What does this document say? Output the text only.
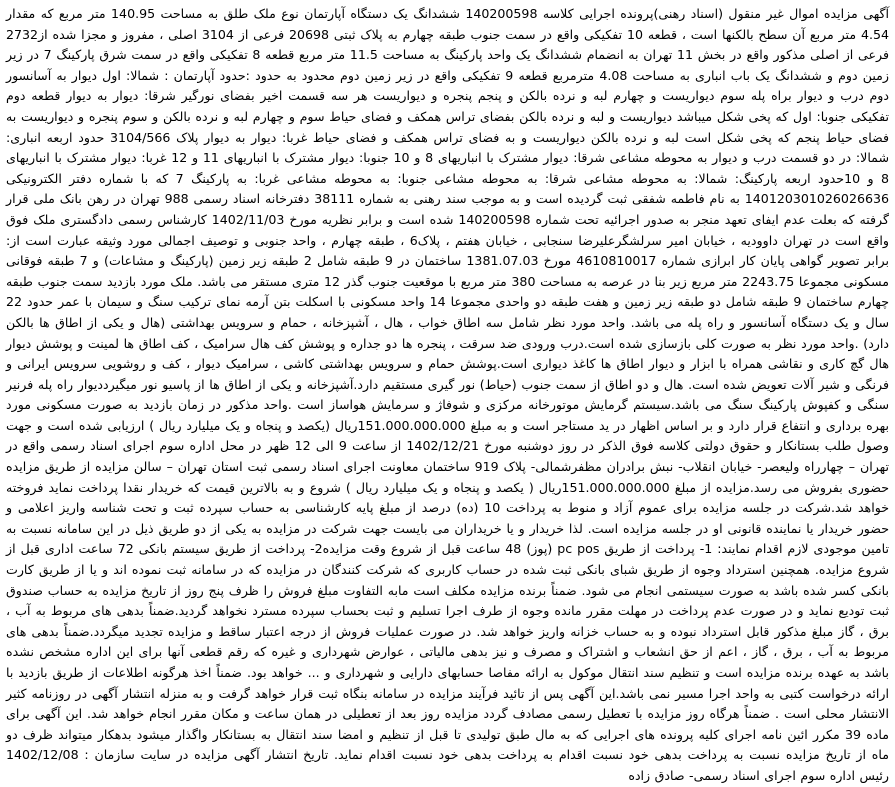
آگهی مزایده اموال غیر منقول (اسناد رهنی)پرونده اجرایی کلاسه 140200598 ششدانگ یک دستگاه آپارتمان نوع ملک طلق به مساحت 140.95 متر مربع که مقدار 4.54 متر مربع آن سطح بالکنها است ، قطعه 10 تفکیکی واقع در سمت جنوب طبقه چهارم به پلاک ثبتی 20698 فرعی از 3104 اصلی ، مفروز و مجزا شده از2732 فرعی از اصلی مذکور واقع در بخش 11 تهران به انضمام ششدانگ یک واحد پارکینگ به مساحت 11.5 متر مربع قطعه 8 تفکیکی واقع در سمت شرق پارکینگ 7 در زیر زمین دوم و ششدانگ یک باب انباری به مساحت 4.08 مترمربع قطعه 9 تفکیکی واقع در زیر زمین دوم محدود به حدود :حدود آپارتمان : شمالا: اول دیوار به آسانسور دوم درب و دیوار براه پله سوم دیواریست و چهارم لبه و نرده بالکن و پنجم پنجره و دیواریست هر سه قسمت اخیر بفضای نورگیر شرقا: دیوار به دیوار قطعه دوم تفکیکی جنوبا: اول که پخی شکل میباشد دیواریست و لبه و نرده بالکن بفضای تراس همکف و فضای حیاط سوم و چهارم لبه و نرده بالکن و سوم پنجره و دیواریست به فضای حیاط پنجم که پخی شکل است لبه و نرده بالکن دیواریست و به فضای تراس همکف و فضای حیاط غربا: دیوار به دیوار پلاک 3104/566 حدود اربعه انباری: شمالا: در دو قسمت درب و دیوار به محوطه مشاعی شرقا: دیوار مشترک با انباریهای 8 و 10 جنوبا: دیوار مشترک با انباریهای 11 و 12 غربا: دیوار مشترک با انباریهای 8 و 10حدود اربعه پارکینگ: شمالا: به محوطه مشاعی شرقا: به محوطه مشاعی جنوبا: به محوطه مشاعی غربا: به پارکینگ 7 که با شماره دفتر الکترونیکی 140120301026026636 به نام فاطمه شفقی ثبت گردیده است و به موجب سند رهنی به شماره 38111 دفترخانه اسناد رسمی 988 تهران در رهن بانک ملی قرار گرفته که بعلت عدم ایفای تعهد منجر به صدور اجرائیه تحت شماره 140200598 شده است و برابر نظریه مورخ 1402/11/03 کارشناس رسمی دادگستری ملک فوق واقع است در تهران داوودیه ، خیابان امیر سرلشگرعلیرضا سنجابی ، خیابان هفتم ، پلاک6 ، طبقه چهارم ، واحد جنوبی و توصیف اجمالی مورد وثیقه عبارت است از: برابر تصویر گواهی پایان کار ابرازی شماره 4610810017 مورخ 1381.07.03 ساختمان در 9 طبقه شامل 2 طبقه زیر زمین (پارکینگ و مشاعات) و 7 طبقه فوقانی مسکونی مجموعا 2243.75 متر مربع زیر بنا در عرصه به مساحت 380 متر مربع با موقعیت جنوب گذر 12 متری مستقر می باشد. ملک مورد بازدید سمت جنوب طبقه چهارم ساختمان 9 طبقه شامل دو طبقه زیر زمین و هفت طبقه دو واحدی مجموعا 14 واحد مسکونی با اسکلت بتن آرمه نمای ترکیب سنگ و سیمان با عمر حدود 22 سال و یک دستگاه آسانسور و راه پله می باشد. واحد مورد نظر شامل سه اطاق خواب ، هال ، آشپزخانه ، حمام و سرویس بهداشتی (هال و یکی از اطاق ها بالکن دارد) .واحد مورد نظر به صورت کلی بازسازی شده است.درب ورودی ضد سرقت ، پنجره ها دو جداره و پوشش کف هال سرامیک ، کف اطاق ها لمینت و پوشش دیوار هال گچ کاری و نقاشی همراه با ابزار و دیوار اطاق ها کاغذ دیواری است.پوشش حمام و سرویس بهداشتی کاشی ، سرامیک دیوار ، کف و روشویی سرویس ایرانی و فرنگی و شیر آلات تعویض شده است. هال و دو اطاق از سمت جنوب (حیاط) نور گیری مستقیم دارد.آشپزخانه و یکی از اطاق ها از پاسیو نور میگیرددیوار راه پله فرنیر سنگی و کفپوش پارکینگ سنگ می باشد.سیستم گرمایش موتورخانه مرکزی و شوفاژ و سرمایش هواساز است .واحد مذکور در زمان بازدید به صورت مسکونی مورد بهره برداری و انتفاع قرار دارد و بر اساس اظهار در ید مستاجر است و به مبلغ 151.000.000.000ریال (یکصد و پنجاه و یک میلیارد ریال ) ارزیابی شده است و جهت وصول طلب بستانکار و حقوق دولتی کلاسه فوق الذکر در روز دوشنبه مورخ 1402/12/21 از ساعت 9 الی 12 ظهر در محل اداره سوم اجرای اسناد رسمی واقع در تهران – چهارراه ولیعصر- خیابان انقلاب- نبش برادران مظفرشمالی- پلاک 919 ساختمان معاونت اجرای اسناد رسمی ثبت استان تهران – سالن مزایده از طریق مزایده حضوری بفروش می رسد.مزایده از مبلغ 151.000.000.000ریال ( یکصد و پنجاه و یک میلیارد ریال ) شروع و به بالاترین قیمت که خریدار نقدا پرداخت نماید فروخته خواهد شد.شرکت در جلسه مزایده برای عموم آزاد و منوط به پرداخت 10 (ده) درصد از مبلغ پایه کارشناسی به حساب سپرده ثبت و تحت شناسه واریز اعلامی و حضور خریدار یا نماینده قانونی او در جلسه مزایده است. لذا خریدار و یا خریداران می بایست جهت شرکت در مزایده به یکی از دو طریق ذیل در این سامانه نسبت به تامین موجودی لازم اقدام نمایند: 1- پرداخت از طریق pc pos (پوز) 48 ساعت قبل از شروع وقت مزایده2- پرداخت از طریق سیستم بانکی 72 ساعت اداری قبل از شروع مزایده. همچنین استرداد وجوه از طریق شبای بانکی ثبت شده در حساب کاربری که شرکت کنندگان در مزایده که در سامانه ثبت نموده اند و یا از طریق کارت بانکی کسر شده باشد به صورت سیستمی انجام می شود. ضمناً برنده مزایده مکلف است مابه التفاوت مبلغ فروش را ظرف پنج روز از تاریخ مزایده به حساب صندوق ثبت تودیع نماید و در صورت عدم پرداخت در مهلت مقرر مانده وجوه از طرف اجرا تسلیم و ثبت بحساب سپرده مسترد نخواهد گردید.ضمناً بدهی های مربوط به آب ، برق ، گاز مبلغ مذکور قابل استرداد نبوده و به حساب خزانه واریز خواهد شد. در صورت عملیات فروش از درجه اعتبار ساقط و مزایده تجدید میگردد.ضمناً بدهی های مربوط به آب ، برق ، گاز ، اعم از حق انشعاب و اشتراک و مصرف و نیز بدهی مالیاتی ، عوارض شهرداری و غیره که رقم قطعی آنها برای این اداره مشخص نشده باشد به عهده برنده مزایده است و تنظیم سند انتقال موکول به ارائه مفاصا حسابهای دارایی و شهرداری و ... خواهد بود. ضمناً اخذ هرگونه اطلاعات از طریق بازدید با ارائه درخواست کتبی به واحد اجرا مسیر نمی باشد.این آگهی پس از تائید فرآیند مزایده در سامانه بنگاه ثبت قرار خواهد گرفت و به منزله انتشار آگهی در روزنامه کثیر الانتشار محلی است . ضمناً هرگاه روز مزایده با تعطیل رسمی مصادف گردد مزایده روز بعد از تعطیلی در همان ساعت و مکان مقرر انجام خواهد شد. این آگهی برای ماده 39 مکرر ائین نامه اجرای کلیه پرونده های اجرایی که به مال طبق تولیدی تا قبل از تنظیم و امضا سند انتقال به بستانکار واگذار میشود بدهکار میتواند ظرف دو ماه از تاریخ مزایده نسبت به پرداخت بدهی خود نسبت اقدام به پرداخت بدهی خود نسبت اقدام نماید. تاریخ انتشار آگهی مزایده در سایت سازمان : 1402/12/08 رئیس اداره سوم اجرای اسناد رسمی- صادق زاده
